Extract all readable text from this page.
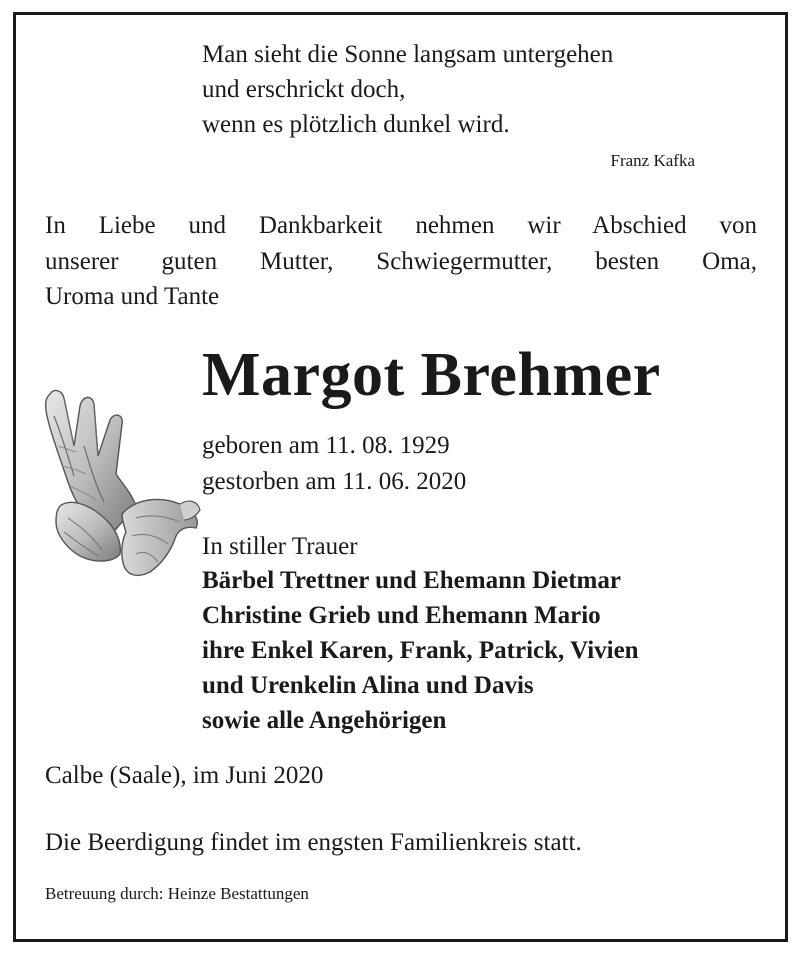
Man sieht die Sonne langsam untergehen
und erschrickt doch,
wenn es plötzlich dunkel wird.
Franz Kafka
In Liebe und Dankbarkeit nehmen wir Abschied von
unserer guten Mutter, Schwiegermutter, besten Oma,
Uroma und Tante
Margot Brehmer
geboren am 11. 08. 1929
gestorben am 11. 06. 2020
In stiller Trauer
Bärbel Trettner und Ehemann Dietmar
Christine Grieb und Ehemann Mario
ihre Enkel Karen, Frank, Patrick, Vivien
und Urenkelin Alina und Davis
sowie alle Angehörigen
Calbe (Saale), im Juni 2020
Die Beerdigung findet im engsten Familienkreis statt.
Betreuung durch: Heinze Bestattungen
